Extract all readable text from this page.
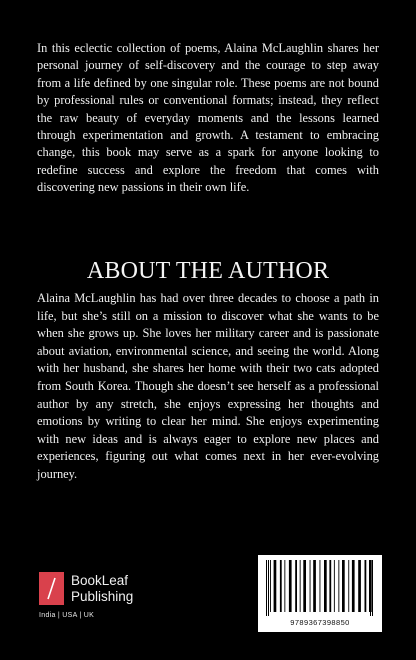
In this eclectic collection of poems, Alaina McLaughlin shares her personal journey of self-discovery and the courage to step away from a life defined by one singular role. These poems are not bound by professional rules or conventional formats; instead, they reflect the raw beauty of everyday moments and the lessons learned through experimentation and growth. A testament to embracing change, this book may serve as a spark for anyone looking to redefine success and explore the freedom that comes with discovering new passions in their own life.

ABOUT THE AUTHOR

Alaina McLaughlin has had over three decades to choose a path in life, but she’s still on a mission to discover what she wants to be when she grows up. She loves her military career and is passionate about aviation, environmental science, and seeing the world. Along with her husband, she shares her home with their two cats adopted from South Korea. Though she doesn’t see herself as a professional author by any stretch, she enjoys expressing her thoughts and emotions by writing to clear her mind. She enjoys experimenting with new ideas and is always eager to explore new places and experiences, figuring out what comes next in her ever-evolving journey.

BookLeaf
Publishing
India | USA | UK
9789367398850
